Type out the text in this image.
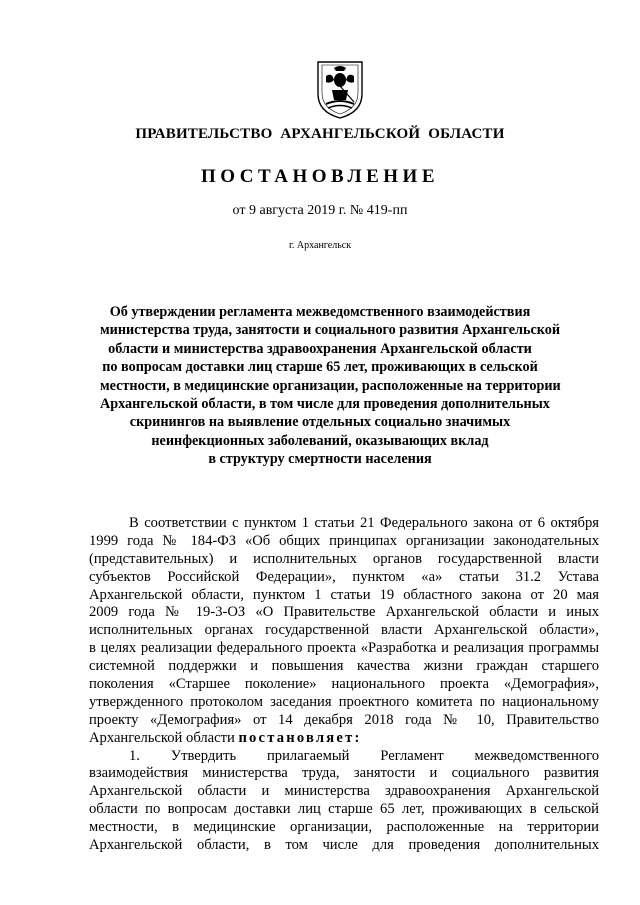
ПРАВИТЕЛЬСТВО АРХАНГЕЛЬСКОЙ ОБЛАСТИ
ПОСТАНОВЛЕНИЕ
от 9 августа 2019 г. № 419-пп
г. Архангельск
Об утверждении регламента межведомственного взаимодействия
министерства труда, занятости и социального развития Архангельской
области и министерства здравоохранения Архангельской области
по вопросам доставки лиц старше 65 лет, проживающих в сельской
местности, в медицинские организации, расположенные на территории
Архангельской области, в том числе для проведения дополнительных
скринингов на выявление отдельных социально значимых
неинфекционных заболеваний, оказывающих вклад
в структуру смертности населения
В соответствии с пунктом 1 статьи 21 Федерального закона от 6 октября
1999 года № 184-ФЗ «Об общих принципах организации законодательных
(представительных) и исполнительных органов государственной власти
субъектов Российской Федерации», пунктом «а» статьи 31.2 Устава
Архангельской области, пунктом 1 статьи 19 областного закона от 20 мая
2009 года № 19-3-ОЗ «О Правительстве Архангельской области и иных
исполнительных органах государственной власти Архангельской области»,
в целях реализации федерального проекта «Разработка и реализация программы
системной поддержки и повышения качества жизни граждан старшего
поколения «Старшее поколение» национального проекта «Демография»,
утвержденного протоколом заседания проектного комитета по национальному
проекту «Демография» от 14 декабря 2018 года № 10, Правительство
Архангельской области постановляет:
1. Утвердить прилагаемый Регламент межведомственного
взаимодействия министерства труда, занятости и социального развития
Архангельской области и министерства здравоохранения Архангельской
области по вопросам доставки лиц старше 65 лет, проживающих в сельской
местности, в медицинские организации, расположенные на территории
Архангельской области, в том числе для проведения дополнительных
